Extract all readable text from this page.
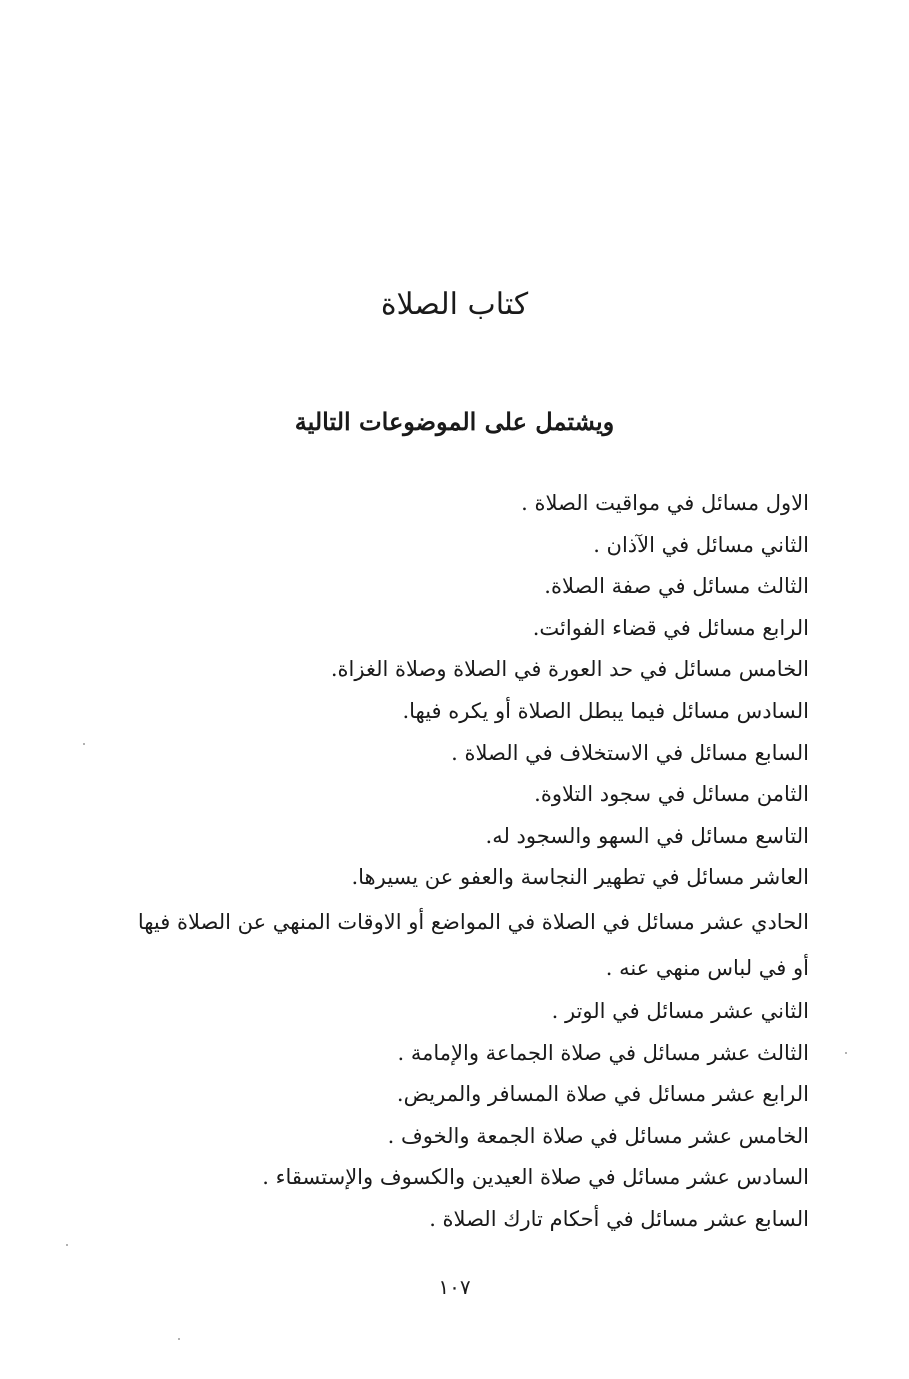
كتاب الصلاة
ويشتمل على الموضوعات التالية
الاول مسائل في مواقيت الصلاة .
الثاني مسائل في الآذان .
الثالث مسائل في صفة الصلاة.
الرابع مسائل في قضاء الفوائت.
الخامس مسائل في حد العورة في الصلاة وصلاة الغزاة.
السادس مسائل فيما يبطل الصلاة أو يكره فيها.
السابع مسائل في الاستخلاف في الصلاة .
الثامن مسائل في سجود التلاوة.
التاسع مسائل في السهو والسجود له.
العاشر مسائل في تطهير النجاسة والعفو عن يسيرها.
الحادي عشر مسائل في الصلاة في المواضع أو الاوقات المنهي عن الصلاة فيها أو في لباس منهي عنه .
الثاني عشر مسائل في الوتر .
الثالث عشر مسائل في صلاة الجماعة والإمامة .
الرابع عشر مسائل في صلاة المسافر والمريض.
الخامس عشر مسائل في صلاة الجمعة والخوف .
السادس عشر مسائل في صلاة العيدين والكسوف والإستسقاء .
السابع عشر مسائل في أحكام تارك الصلاة .
١٠٧
